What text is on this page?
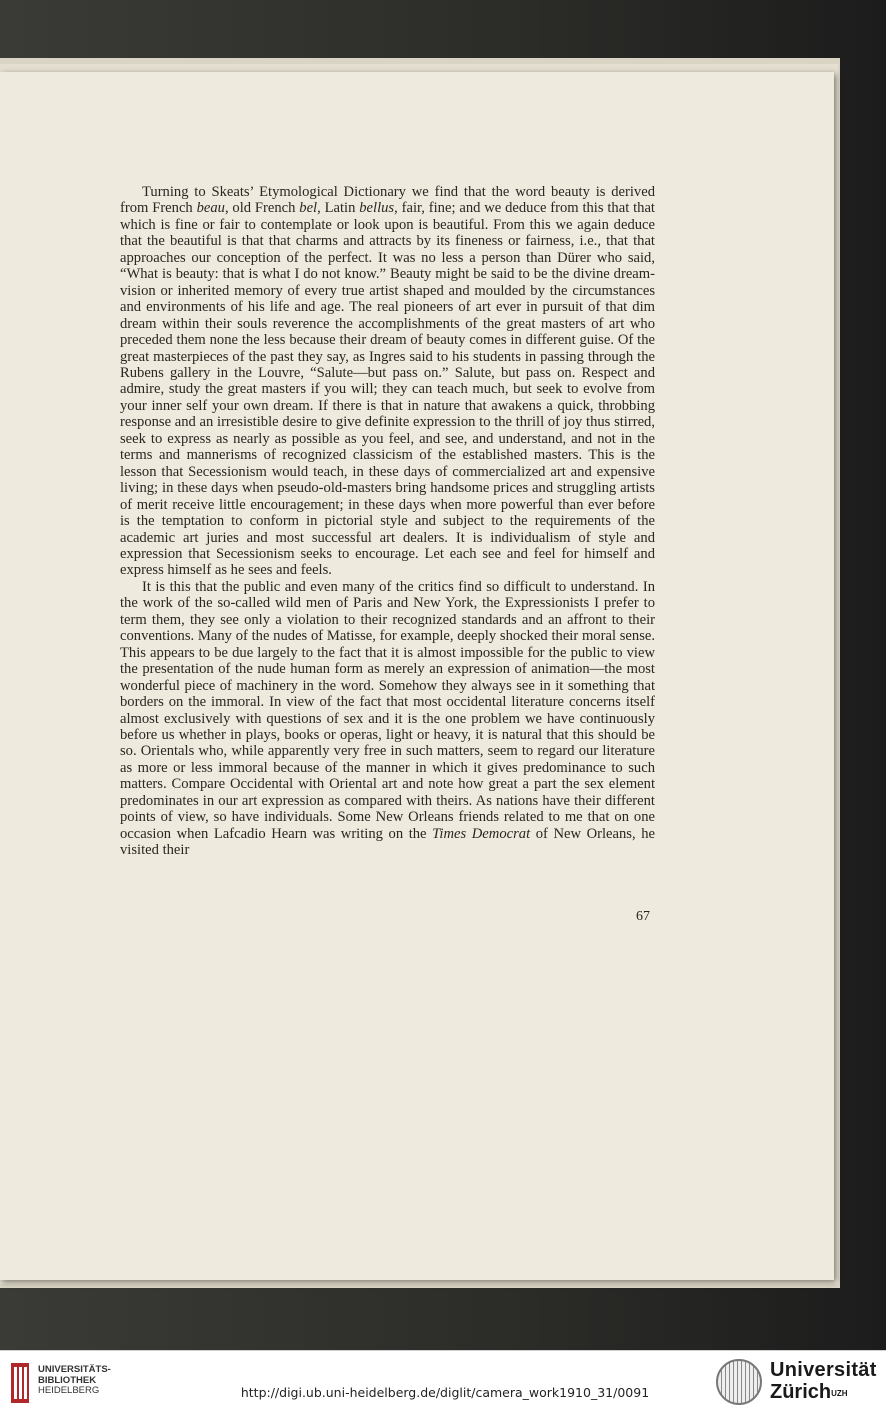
Turning to Skeats’ Etymological Dictionary we find that the word beauty is derived from French beau, old French bel, Latin bellus, fair, fine; and we deduce from this that that which is fine or fair to contemplate or look upon is beautiful. From this we again deduce that the beautiful is that that charms and attracts by its fineness or fairness, i.e., that that approaches our conception of the perfect. It was no less a person than Dürer who said, “What is beauty: that is what I do not know.” Beauty might be said to be the divine dream-vision or inherited memory of every true artist shaped and moulded by the circumstances and environments of his life and age. The real pioneers of art ever in pursuit of that dim dream within their souls reverence the accomplishments of the great masters of art who preceded them none the less because their dream of beauty comes in different guise. Of the great masterpieces of the past they say, as Ingres said to his students in passing through the Rubens gallery in the Louvre, “Salute—but pass on.” Salute, but pass on. Respect and admire, study the great masters if you will; they can teach much, but seek to evolve from your inner self your own dream. If there is that in nature that awakens a quick, throbbing response and an irresistible desire to give definite expression to the thrill of joy thus stirred, seek to express as nearly as possible as you feel, and see, and understand, and not in the terms and mannerisms of recognized classicism of the established masters. This is the lesson that Secessionism would teach, in these days of commercialized art and expensive living; in these days when pseudo-old-masters bring handsome prices and struggling artists of merit receive little encouragement; in these days when more powerful than ever before is the temptation to conform in pictorial style and subject to the requirements of the academic art juries and most successful art dealers. It is individualism of style and expression that Secessionism seeks to encourage. Let each see and feel for himself and express himself as he sees and feels.

It is this that the public and even many of the critics find so difficult to understand. In the work of the so-called wild men of Paris and New York, the Expressionists I prefer to term them, they see only a violation to their recognized standards and an affront to their conventions. Many of the nudes of Matisse, for example, deeply shocked their moral sense. This appears to be due largely to the fact that it is almost impossible for the public to view the presentation of the nude human form as merely an expression of animation—the most wonderful piece of machinery in the word. Somehow they always see in it something that borders on the immoral. In view of the fact that most occidental literature concerns itself almost exclusively with questions of sex and it is the one problem we have continuously before us whether in plays, books or operas, light or heavy, it is natural that this should be so. Orientals who, while apparently very free in such matters, seem to regard our literature as more or less immoral because of the manner in which it gives predominance to such matters. Compare Occidental with Oriental art and note how great a part the sex element predominates in our art expression as compared with theirs. As nations have their different points of view, so have individuals. Some New Orleans friends related to me that on one occasion when Lafcadio Hearn was writing on the Times Democrat of New Orleans, he visited their

67
UNIVERSITÄTS-
BIBLIOTHEK
HEIDELBERG	http://digi.ub.uni-heidelberg.de/diglit/camera_work1910_31/0091
Universität
Zürich$^{UZH}$
